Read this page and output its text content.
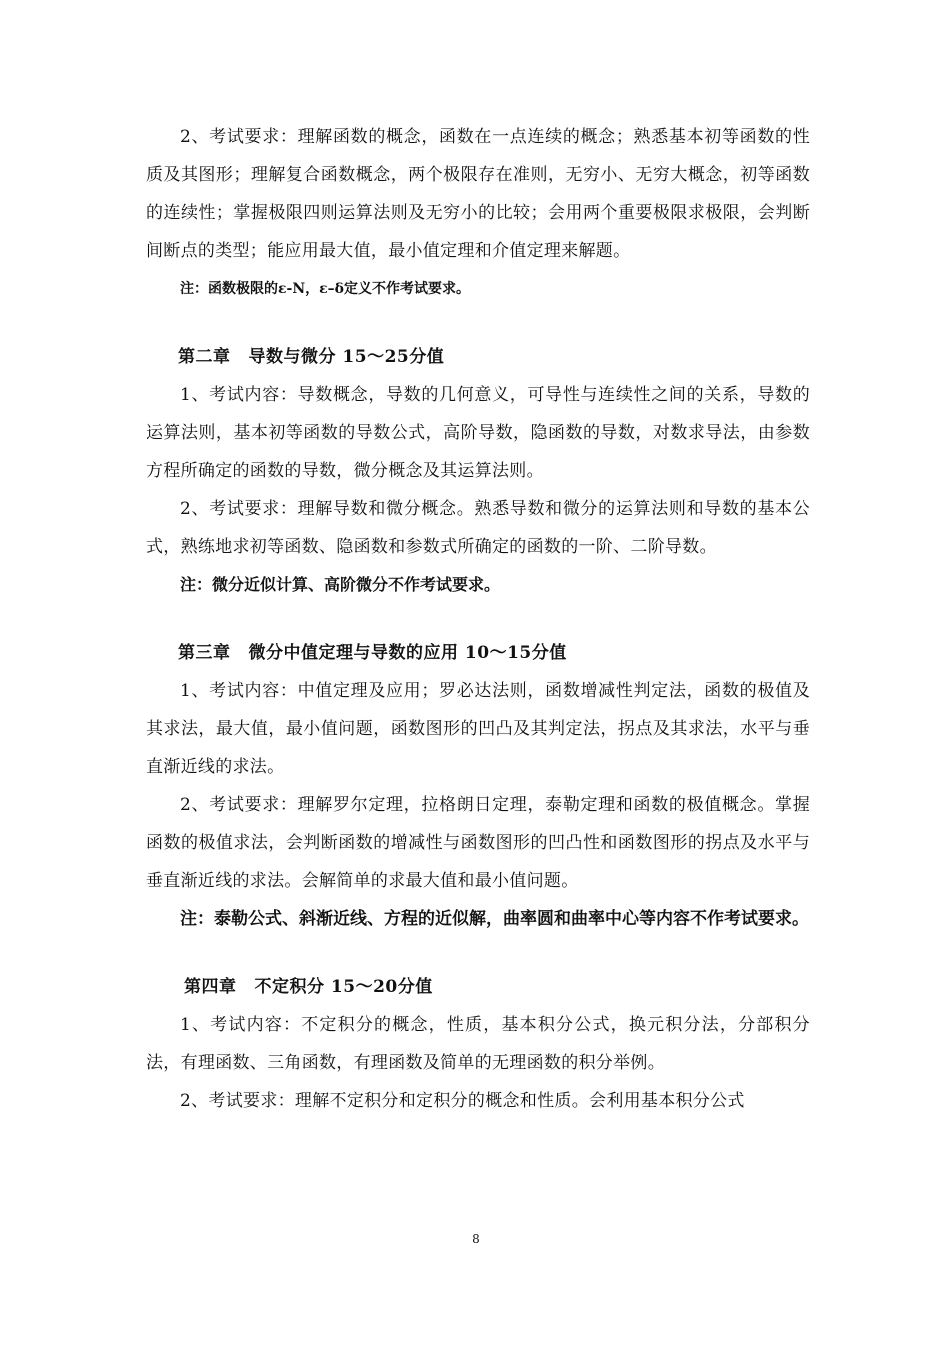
2、考试要求：理解函数的概念，函数在一点连续的概念；熟悉基本初等函数的性质及其图形；理解复合函数概念，两个极限存在准则，无穷小、无穷大概念，初等函数的连续性；掌握极限四则运算法则及无穷小的比较；会用两个重要极限求极限，会判断间断点的类型；能应用最大值，最小值定理和介值定理来解题。

注：函数极限的ε-N，ε–δ定义不作考试要求。

第二章 导数与微分 15～25分值

1、考试内容：导数概念，导数的几何意义，可导性与连续性之间的关系，导数的运算法则，基本初等函数的导数公式，高阶导数，隐函数的导数，对数求导法，由参数方程所确定的函数的导数，微分概念及其运算法则。

2、考试要求：理解导数和微分概念。熟悉导数和微分的运算法则和导数的基本公式，熟练地求初等函数、隐函数和参数式所确定的函数的一阶、二阶导数。

注：微分近似计算、高阶微分不作考试要求。

第三章 微分中值定理与导数的应用 10～15分值

1、考试内容：中值定理及应用；罗必达法则，函数增减性判定法，函数的极值及其求法，最大值，最小值问题，函数图形的凹凸及其判定法，拐点及其求法，水平与垂直渐近线的求法。

2、考试要求：理解罗尔定理，拉格朗日定理，泰勒定理和函数的极值概念。掌握函数的极值求法，会判断函数的增减性与函数图形的凹凸性和函数图形的拐点及水平与垂直渐近线的求法。会解简单的求最大值和最小值问题。

注：泰勒公式、斜渐近线、方程的近似解，曲率圆和曲率中心等内容不作考试要求。

第四章 不定积分 15～20分值

1、考试内容：不定积分的概念，性质，基本积分公式，换元积分法，分部积分法，有理函数、三角函数，有理函数及简单的无理函数的积分举例。

2、考试要求：理解不定积分和定积分的概念和性质。会利用基本积分公式

8
